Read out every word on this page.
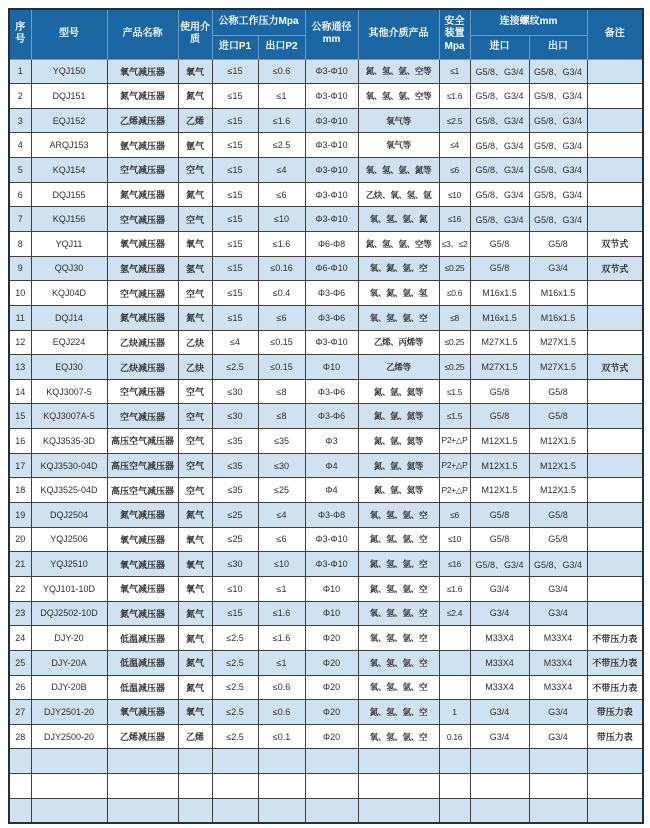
序号	型号	产品名称	使用介质	公称工作压力Mpa		公称通径mm	其他介质产品	安全装置Mpa	连接螺纹mm		备注
				进口P1	出口P2				进口	出口	
1	YQJ150	氧气减压器	氧气	≤15	≤0.6	Φ3-Φ10	氮、氢、氩、空等	≤1	G5/8、G3/4	G5/8、G3/4	
2	DQJ151	氮气减压器	氮气	≤15	≤1	Φ3-Φ10	氧、氢、氩、空等	≤1.6	G5/8、G3/4	G5/8、G3/4	
3	EQJ152	乙烯减压器	乙烯	≤15	≤1.6	Φ3-Φ10	氧气等	≤2.5	G5/8、G3/4	G5/8、G3/4	
4	ARQJ153	氩气减压器	氩气	≤15	≤2.5	Φ3-Φ10	氧气等	≤4	G5/8、G3/4	G5/8、G3/4	
5	KQJ154	空气减压器	空气	≤15	≤4	Φ3-Φ10	氧、氢、氩、氮等	≤6	G5/8、G3/4	G5/8、G3/4	
6	DQJ155	氮气减压器	氮气	≤15	≤6	Φ3-Φ10	乙炔、氧、氢、氩	≤10	G5/8、G3/4	G5/8、G3/4	
7	KQJ156	空气减压器	空气	≤15	≤10	Φ3-Φ10	氧、氢、氩、氮	≤16	G5/8、G3/4	G5/8、G3/4	
8	YQJ11	氧气减压器	氧气	≤15	≤1.6	Φ6-Φ8	氮、氢、氩、空等	≤3、≤2	G5/8	G5/8	双节式
9	QQJ30	氢气减压器	氢气	≤15	≤0.16	Φ6-Φ10	氧、氮、氩、空	≤0.25	G5/8	G3/4	双节式
10	KQJ04D	空气减压器	空气	≤15	≤0.4	Φ3-Φ6	氧、氮、氩、氢	≤0.6	M16x1.5	M16x1.5	
11	DQJ14	氮气减压器	氮气	≤15	≤6	Φ3-Φ6	氧、氢、氩、空	≤8	M16x1.5	M16x1.5	
12	EQJ224	乙炔减压器	乙炔	≤4	≤0.15	Φ3-Φ10	乙烯、丙烯等	≤0.25	M27X1.5	M27X1.5	
13	EQJ30	乙炔减压器	乙炔	≤2.5	≤0.15	Φ10	乙烯等	≤0.25	M27X1.5	M27X1.5	双节式
14	KQJ3007-5	空气减压器	空气	≤30	≤8	Φ3-Φ6	氮、氩、氦等	≤1.5	G5/8	G5/8	
15	KQJ3007A-5	空气减压器	空气	≤30	≤8	Φ3-Φ6	氮、氩、氦等	≤1.5	G5/8	G5/8	
16	KQJ3535-3D	高压空气减压器	空气	≤35	≤35	Φ3	氮、氩、氦等	P2+△P	M12X1.5	M12X1.5	
17	KQJ3530-04D	高压空气减压器	空气	≤35	≤30	Φ4	氮、氩、氦等	P2+△P	M12X1.5	M12X1.5	
18	KQJ3525-04D	高压空气减压器	空气	≤35	≤25	Φ4	氮、氩、氦等	P2+△P	M12X1.5	M12X1.5	
19	DQJ2504	氮气减压器	氮气	≤25	≤4	Φ3-Φ8	氧、氢、氩、空	≤6	G5/8	G5/8	
20	YQJ2506	氧气减压器	氧气	≤25	≤6	Φ3-Φ10	氮、氢、氩、空	≤10	G5/8	G5/8	
21	YQJ2510	氧气减压器	氧气	≤30	≤10	Φ3-Φ10	氮、氢、氩、空	≤16	G5/8、G3/4	G5/8、G3/4	
22	YQJ101-10D	氧气减压器	氧气	≤10	≤1	Φ10	氮、氢、氩、空	≤1.6	G3/4	G3/4	
23	DQJ2502-10D	氮气减压器	氮气	≤15	≤1.6	Φ10	氧、氢、氩、空	≤2.4	G3/4	G3/4	
24	DJY-20	低温减压器	氮气	≤2.5	≤1.6	Φ20	氧、氢、氩、空		M33X4	M33X4	不带压力表
25	DJY-20A	低温减压器	氮气	≤2.5	≤1	Φ20	氧、氢、氩、空		M33X4	M33X4	不带压力表
26	DJY-20B	低温减压器	氮气	≤2.5	≤0.6	Φ20	氧、氢、氩、空		M33X4	M33X4	不带压力表
27	DJY2501-20	氧气减压器	氧气	≤2.5	≤0.6	Φ20	氮、氢、氩、空	1	G3/4	G3/4	带压力表
28	DJY2500-20	乙烯减压器	乙烯	≤2.5	≤0.1	Φ20	氧、氢、氩、空	0.16	G3/4	G3/4	带压力表
